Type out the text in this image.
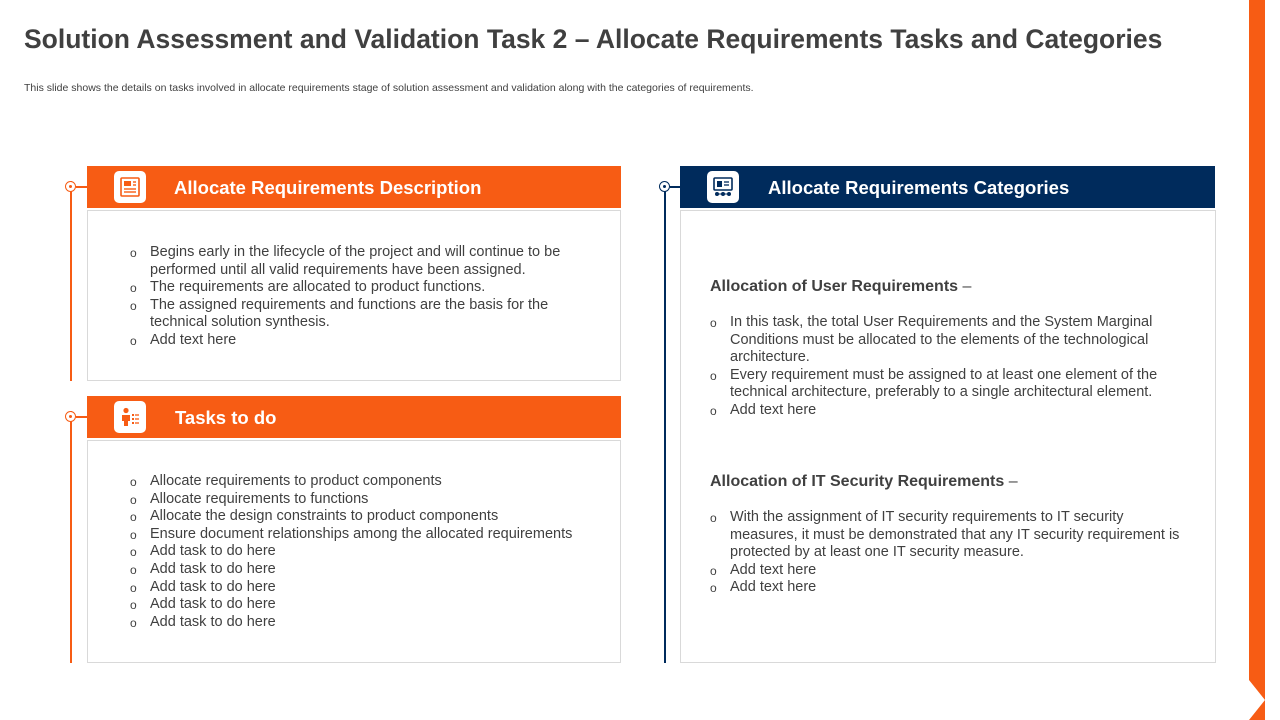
Solution Assessment and Validation Task 2 – Allocate Requirements Tasks and Categories
This slide shows the details on tasks involved in allocate requirements stage of solution assessment and validation along with the categories of requirements.
Allocate Requirements Description
o Begins early in the lifecycle of the project and will continue to be performed until all valid requirements have been assigned.
o The requirements are allocated to product functions.
o The assigned requirements and functions are the basis for the technical solution synthesis.
o Add text here
Tasks to do
o Allocate requirements to product components
o Allocate requirements to functions
o Allocate the design constraints to product components
o Ensure document relationships among the allocated requirements
o Add task to do here
o Add task to do here
o Add task to do here
o Add task to do here
o Add task to do here
Allocate Requirements Categories
Allocation of User Requirements –
o In this task, the total User Requirements and the System Marginal Conditions must be allocated to the elements of the technological architecture.
o Every requirement must be assigned to at least one element of the technical architecture, preferably to a single architectural element.
o Add text here
Allocation of IT Security Requirements –
o With the assignment of IT security requirements to IT security measures, it must be demonstrated that any IT security requirement is protected by at least one IT security measure.
o Add text here
o Add text here
